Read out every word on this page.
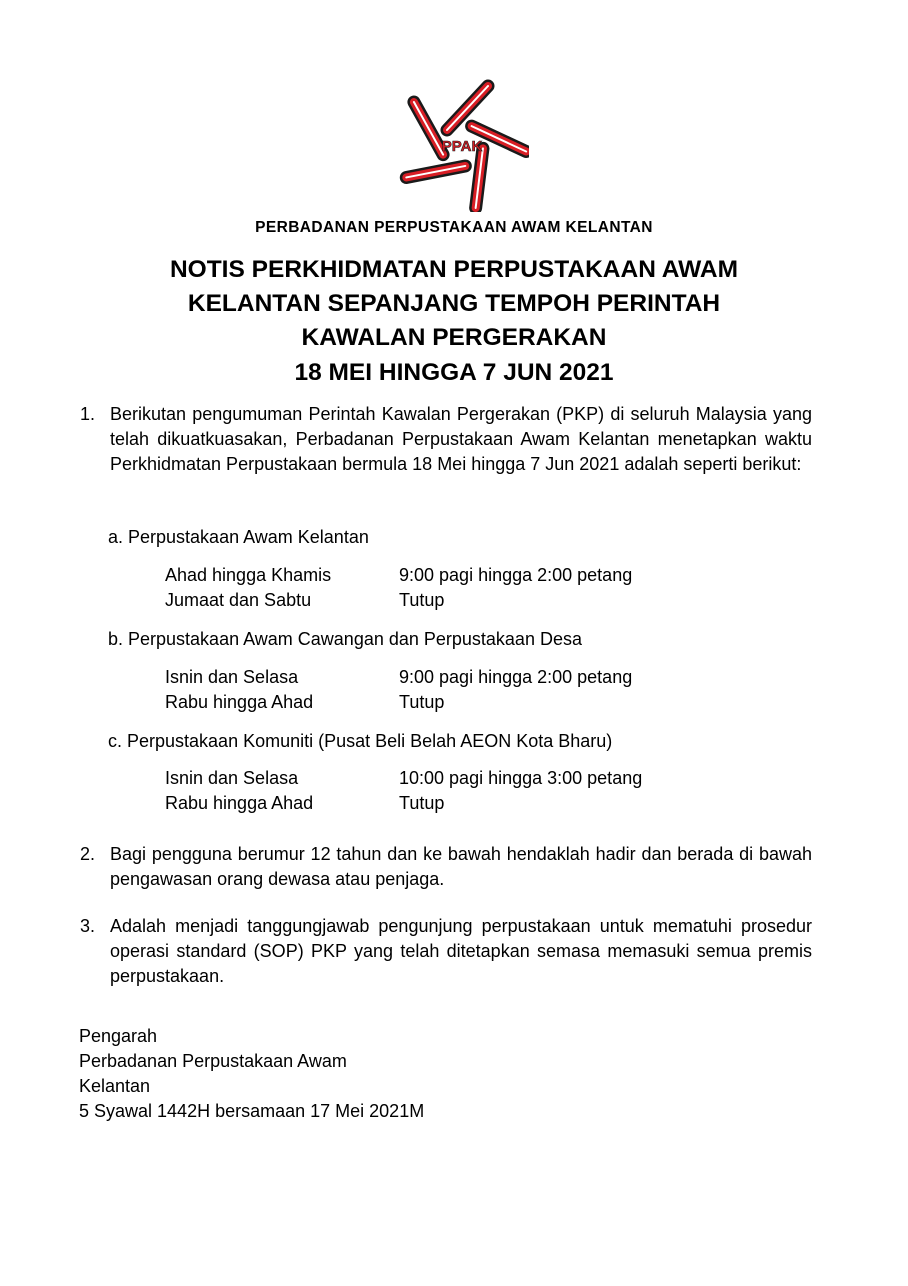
PPAK
PERBADANAN PERPUSTAKAAN AWAM KELANTAN
NOTIS PERKHIDMATAN PERPUSTAKAAN AWAM
KELANTAN SEPANJANG TEMPOH PERINTAH
KAWALAN PERGERAKAN
18 MEI HINGGA 7 JUN 2021
1. Berikutan pengumuman Perintah Kawalan Pergerakan (PKP) di seluruh Malaysia yang telah dikuatkuasakan, Perbadanan Perpustakaan Awam Kelantan menetapkan waktu Perkhidmatan Perpustakaan bermula 18 Mei hingga 7 Jun 2021 adalah seperti berikut:
a. Perpustakaan Awam Kelantan
Ahad hingga Khamis	9:00 pagi hingga 2:00 petang
Jumaat dan Sabtu	Tutup
b. Perpustakaan Awam Cawangan dan Perpustakaan Desa
Isnin dan Selasa	9:00 pagi hingga 2:00 petang
Rabu hingga Ahad	Tutup
c. Perpustakaan Komuniti (Pusat Beli Belah AEON Kota Bharu)
Isnin dan Selasa	10:00 pagi hingga 3:00 petang
Rabu hingga Ahad	Tutup
2. Bagi pengguna berumur 12 tahun dan ke bawah hendaklah hadir dan berada di bawah pengawasan orang dewasa atau penjaga.
3. Adalah menjadi tanggungjawab pengunjung perpustakaan untuk mematuhi prosedur operasi standard (SOP) PKP yang telah ditetapkan semasa memasuki semua premis perpustakaan.
Pengarah
Perbadanan Perpustakaan Awam
Kelantan
5 Syawal 1442H bersamaan 17 Mei 2021M
